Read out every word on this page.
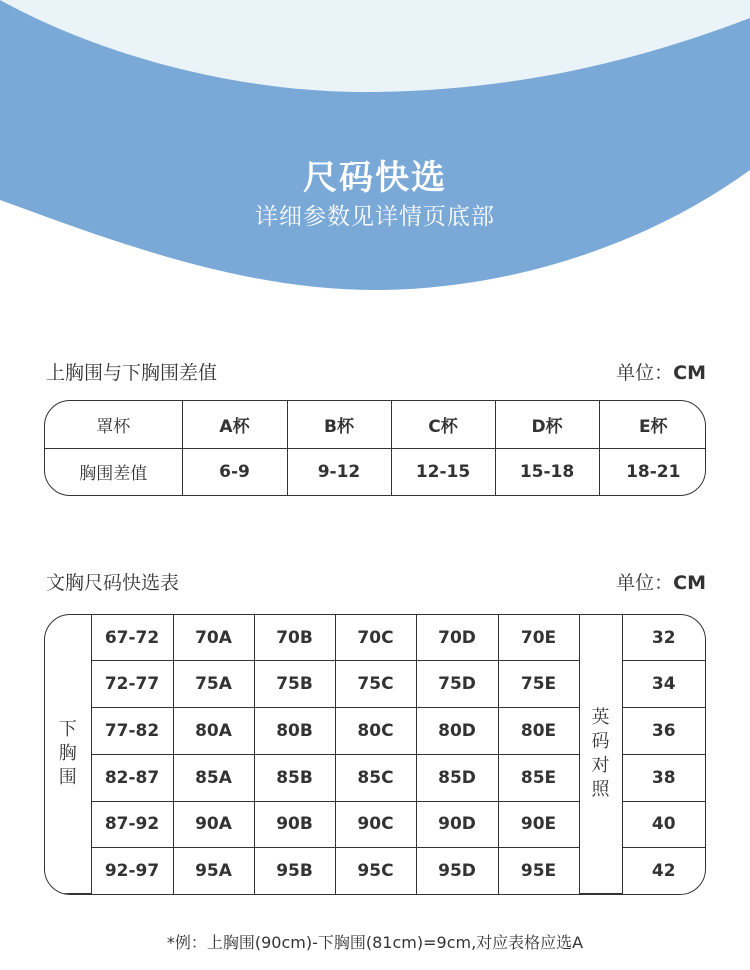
尺码快选
详细参数见详情页底部
上胸围与下胸围差值	单位：CM
罩杯	A杯	B杯	C杯	D杯	E杯
胸围差值	6-9	9-12	12-15	15-18	18-21
文胸尺码快选表	单位：CM
下胸围	67-72	70A	70B	70C	70D	70E	英码对照	32
	72-77	75A	75B	75C	75D	75E		34
	77-82	80A	80B	80C	80D	80E		36
	82-87	85A	85B	85C	85D	85E		38
	87-92	90A	90B	90C	90D	90E		40
	92-97	95A	95B	95C	95D	95E		42
*例：上胸围(90cm)-下胸围(81cm)=9cm,对应表格应选A
